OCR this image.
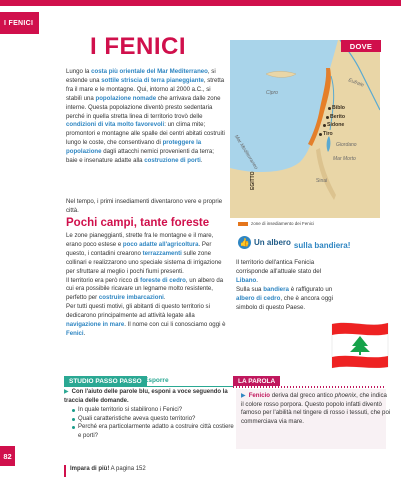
I FENICI
I FENICI
Lungo la costa più orientale del Mar Mediterraneo, si estende una sottile striscia di terra pianeggiante, stretta fra il mare e le montagne. Qui, intorno al 2000 a.C., si stabilì una popolazione nomade che arrivava dalle zone interne. Questa popolazione diventò presto sedentaria perché in quella stretta linea di territorio trovò delle condizioni di vita molto favorevoli: un clima mite; promontori e montagne alle spalle dei centri abitati costruiti lungo le coste, che consentivano di proteggere la popolazione dagli attacchi nemici provenienti da terra; baie e insenature adatte alla costruzione di porti.
Nel tempo, i primi insediamenti diventarono vere e proprie città.
Pochi campi, tante foreste
Le zone pianeggianti, strette fra le montagne e il mare, erano poco estese e poco adatte all'agricoltura. Per questo, i contadini crearono terrazzamenti sulle zone collinari e realizzarono uno speciale sistema di irrigazione per sfruttare al meglio i pochi fiumi presenti.
Il territorio era però ricco di foreste di cedro, un albero da cui era possibile ricavare un legname molto resistente, perfetto per costruire imbarcazioni.
Per tutti questi motivi, gli abitanti di questo territorio si dedicarono principalmente ad attività legate alla navigazione in mare. Il nome con cui li conosciamo oggi è Fenici.
Cipro
Eufrate
Mar Mediterraneo
Biblo
Berito
Sidone
Tiro
Giordano
Mar Morto
Sinai
EGITTO
DOVE
zone di insediamento dei Fenici
👍 Un albero sulla bandiera!
Il territorio dell'antica Fenicia corrisponde all'attuale stato del Libano.
Sulla sua bandiera è raffigurato un albero di cedro, che è ancora oggi simbolo di questo Paese.
STUDIO PASSO PASSO Esporre
▶ Con l'aiuto delle parole blu, esponi a voce seguendo la traccia delle domande.
In quale territorio si stabilirono i Fenici?
Quali caratteristiche aveva questo territorio?
Perché era particolarmente adatto a costruire città costiere e porti?
LA PAROLA
▶ Fenicio deriva dal greco antico phoenix, che indica il colore rosso porpora. Questo popolo infatti diventò famoso per l'abilità nel tingere di rosso i tessuti, che poi commerciava via mare.
82
Impara di più! A pagina 152
